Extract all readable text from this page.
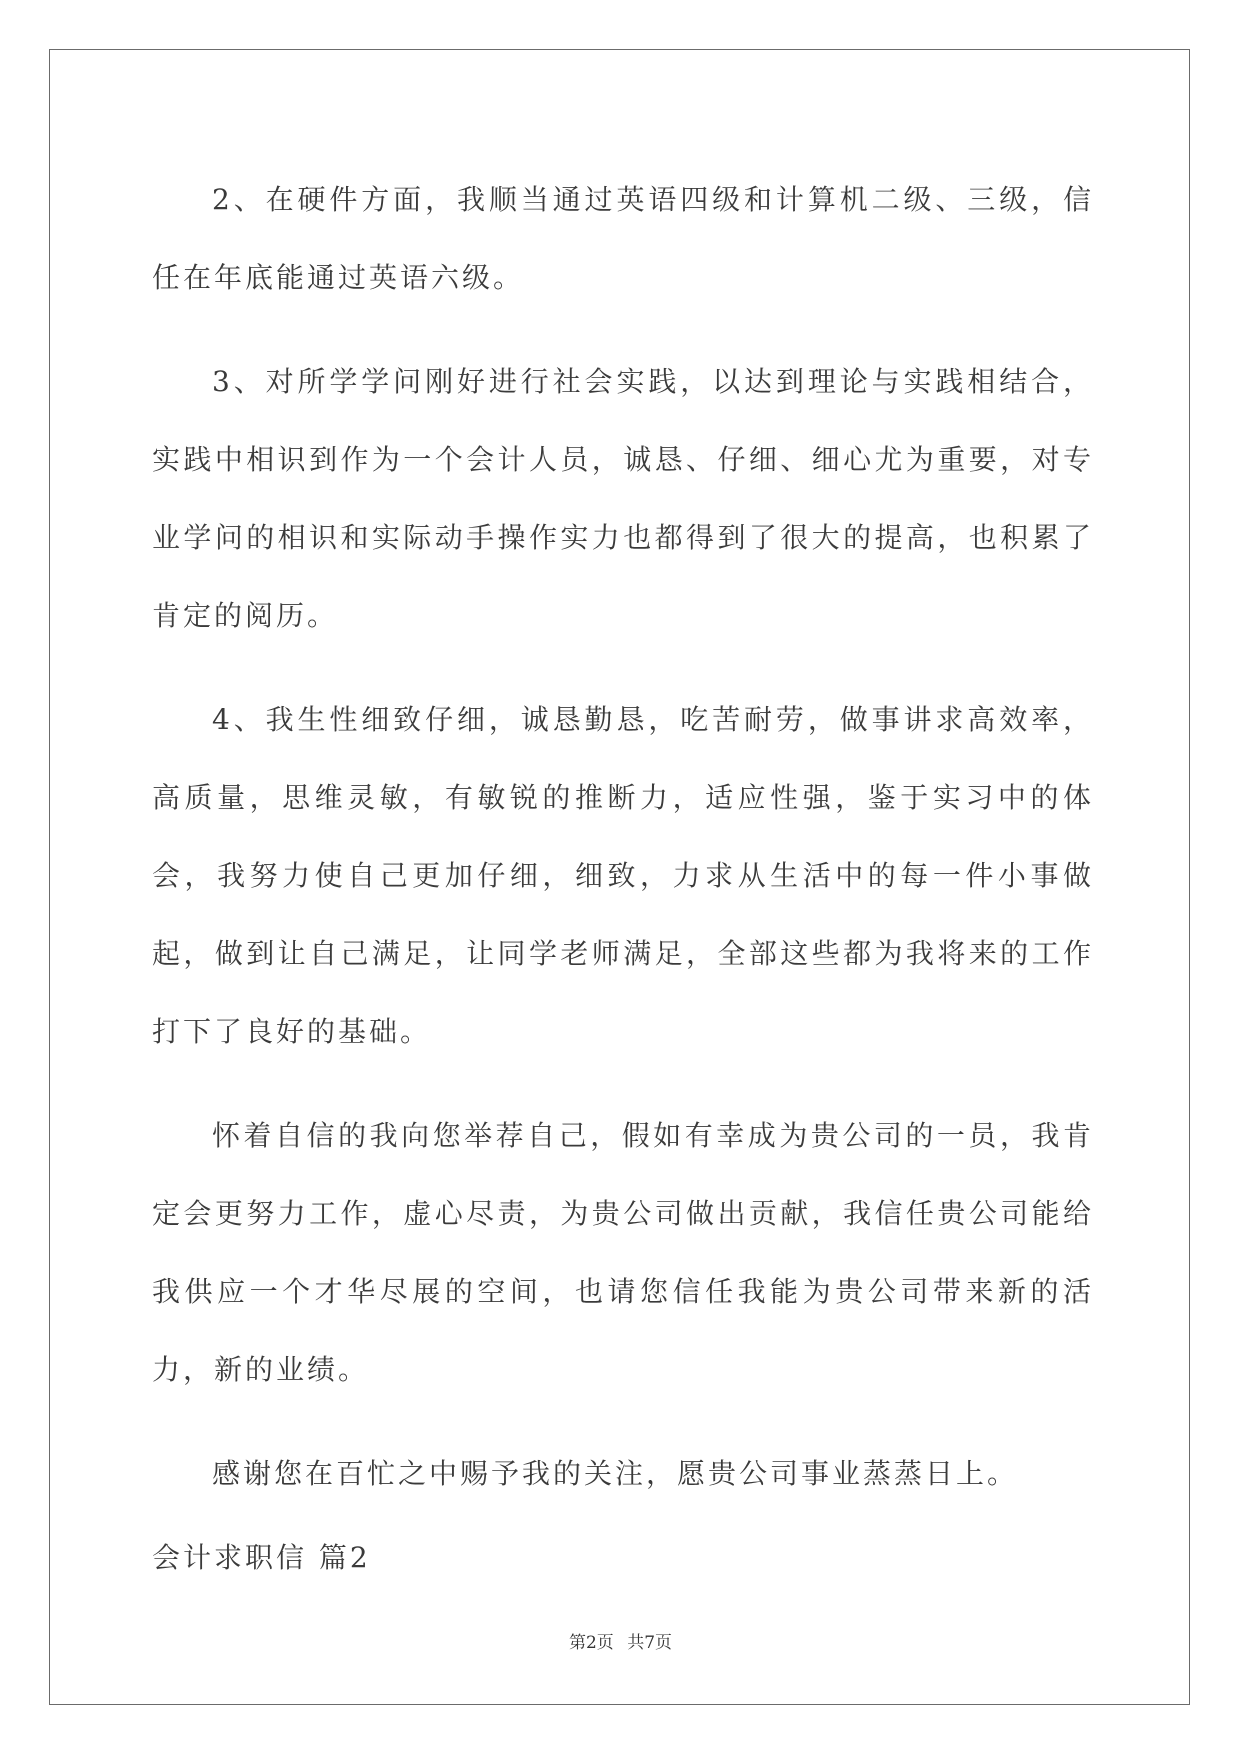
2、在硬件方面，我顺当通过英语四级和计算机二级、三级，信任在年底能通过英语六级。

3、对所学学问刚好进行社会实践，以达到理论与实践相结合，实践中相识到作为一个会计人员，诚恳、仔细、细心尤为重要，对专业学问的相识和实际动手操作实力也都得到了很大的提高，也积累了肯定的阅历。

4、我生性细致仔细，诚恳勤恳，吃苦耐劳，做事讲求高效率，高质量，思维灵敏，有敏锐的推断力，适应性强，鉴于实习中的体会，我努力使自己更加仔细，细致，力求从生活中的每一件小事做起，做到让自己满足，让同学老师满足，全部这些都为我将来的工作打下了良好的基础。

怀着自信的我向您举荐自己，假如有幸成为贵公司的一员，我肯定会更努力工作，虚心尽责，为贵公司做出贡献，我信任贵公司能给我供应一个才华尽展的空间，也请您信任我能为贵公司带来新的活力，新的业绩。

感谢您在百忙之中赐予我的关注，愿贵公司事业蒸蒸日上。

会计求职信 篇2

第2页 共7页
